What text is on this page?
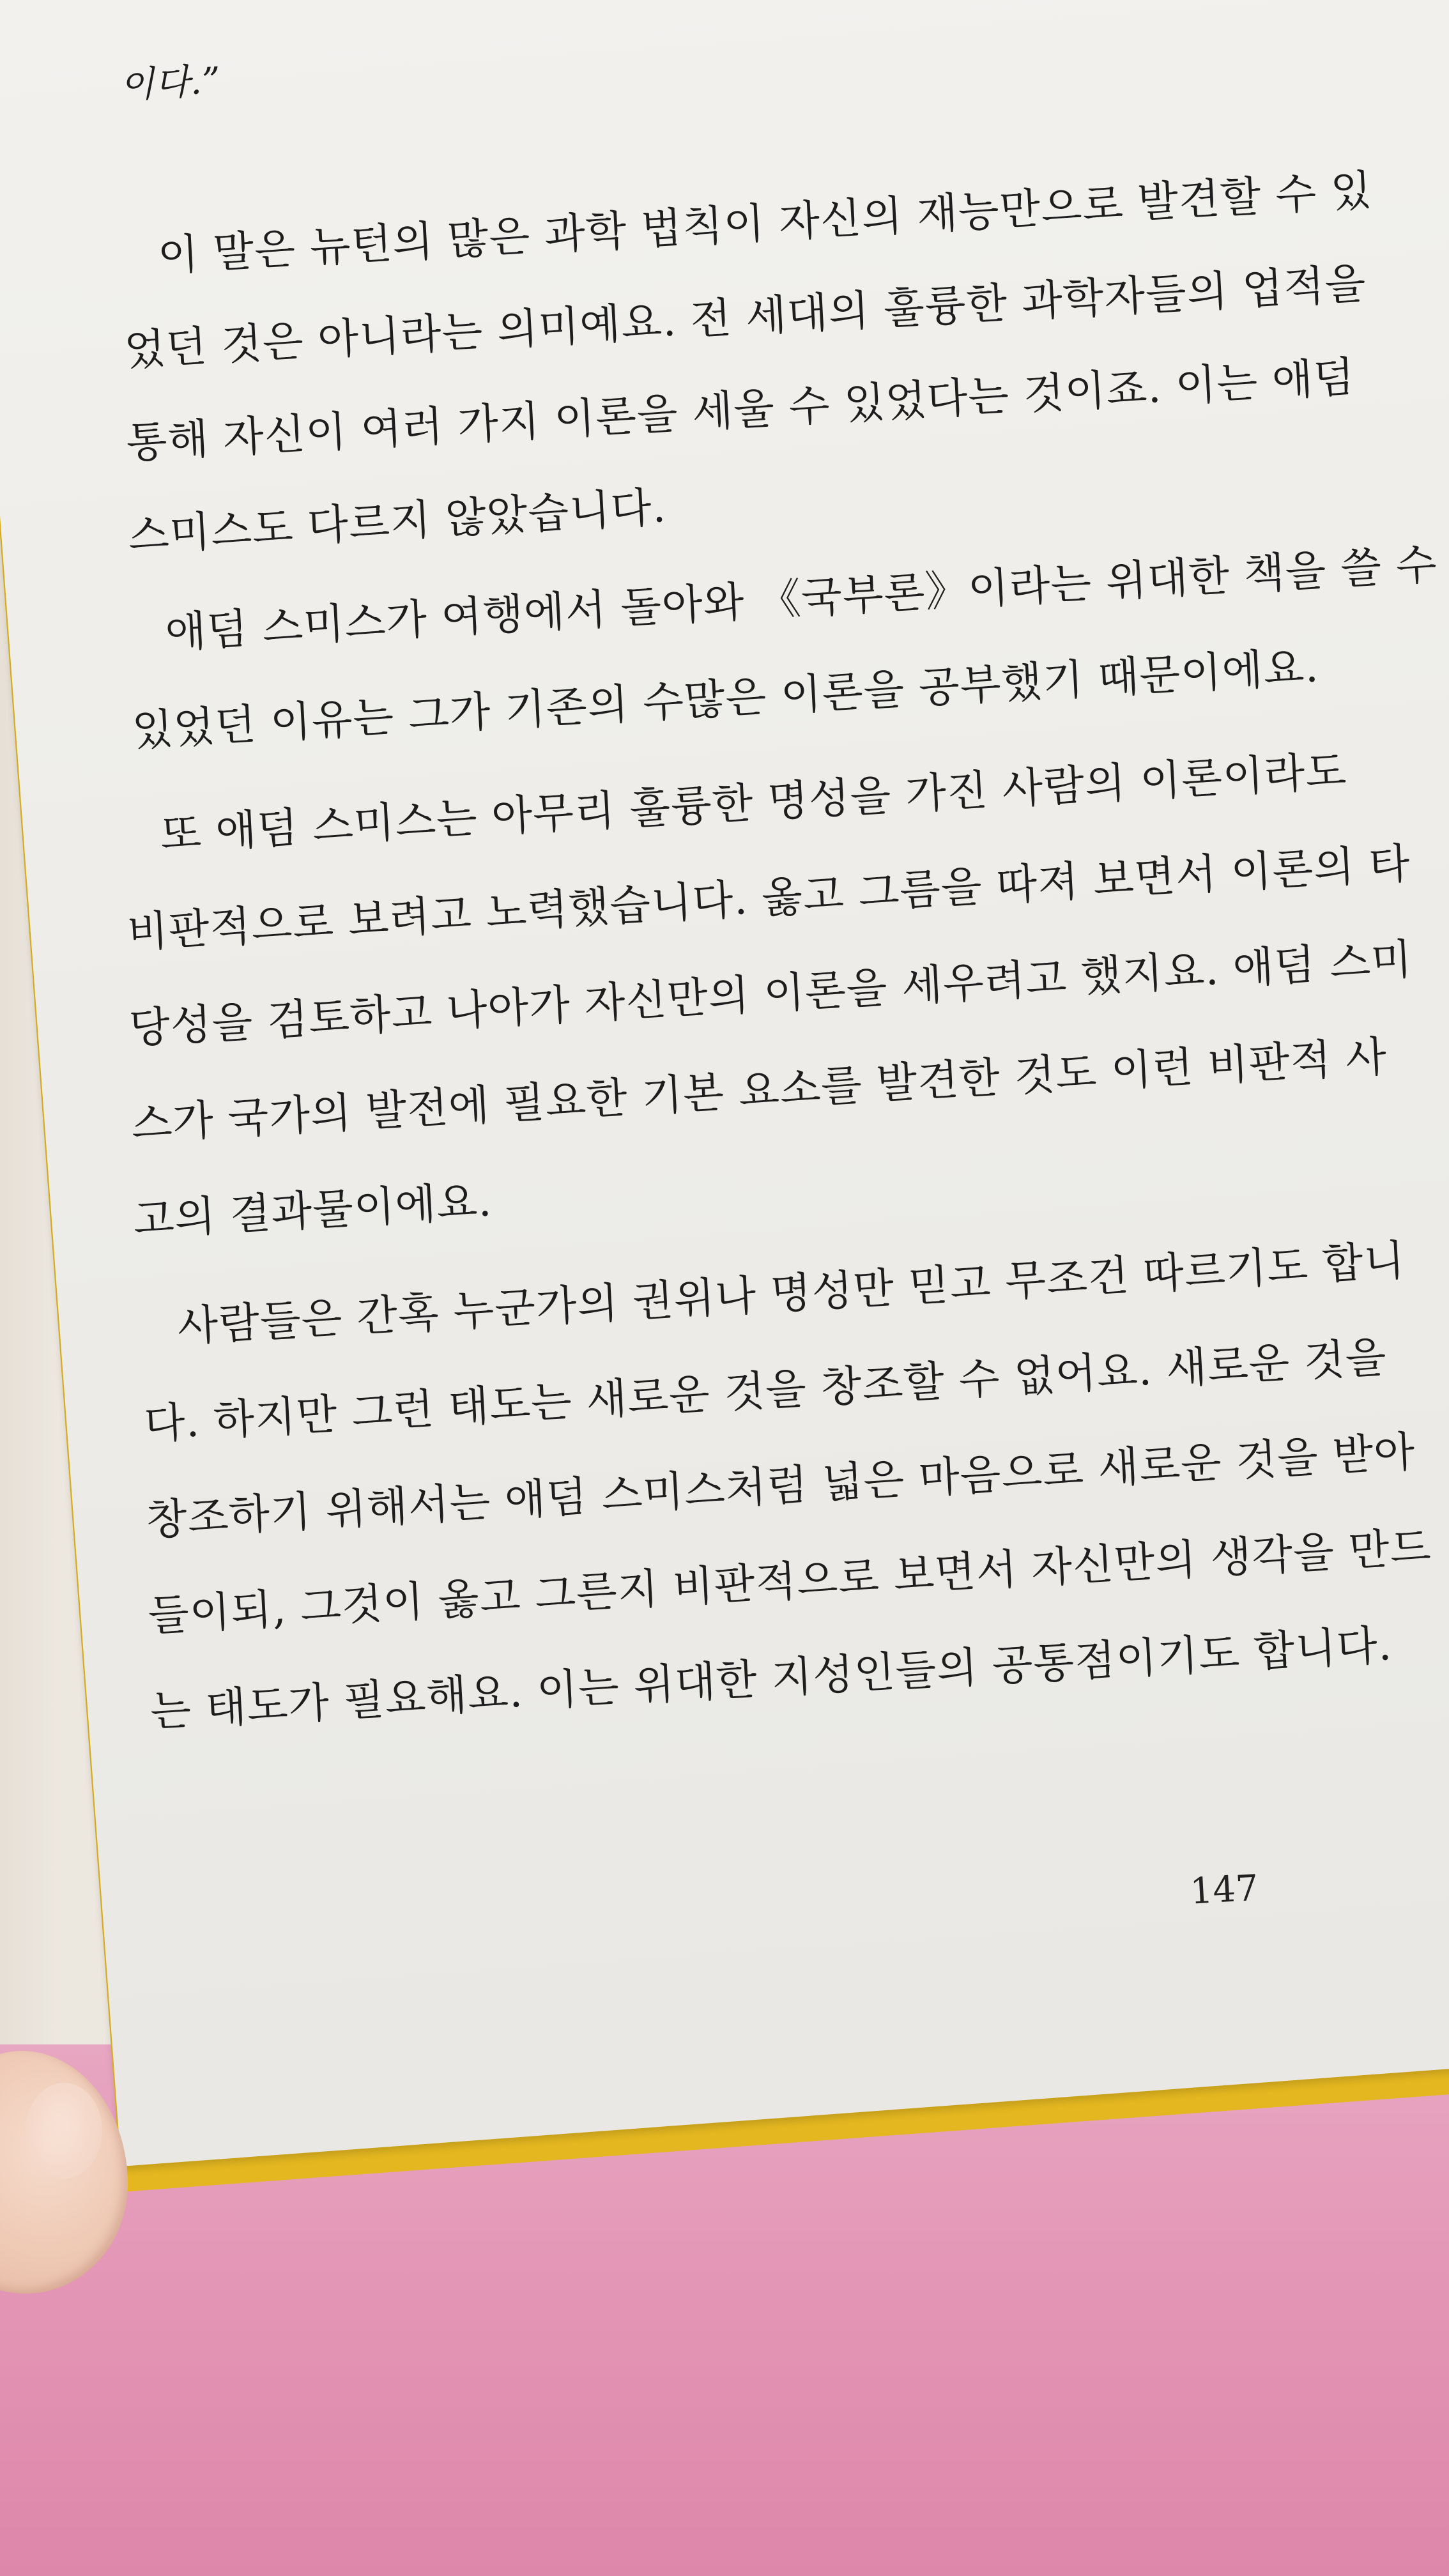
이다.”
이 말은 뉴턴의 많은 과학 법칙이 자신의 재능만으로 발견할 수 있
었던 것은 아니라는 의미예요. 전 세대의 훌륭한 과학자들의 업적을
통해 자신이 여러 가지 이론을 세울 수 있었다는 것이죠. 이는 애덤
스미스도 다르지 않았습니다.
애덤 스미스가 여행에서 돌아와 《국부론》이라는 위대한 책을 쓸 수
있었던 이유는 그가 기존의 수많은 이론을 공부했기 때문이에요.
또 애덤 스미스는 아무리 훌륭한 명성을 가진 사람의 이론이라도
비판적으로 보려고 노력했습니다. 옳고 그름을 따져 보면서 이론의 타
당성을 검토하고 나아가 자신만의 이론을 세우려고 했지요. 애덤 스미
스가 국가의 발전에 필요한 기본 요소를 발견한 것도 이런 비판적 사
고의 결과물이에요.
사람들은 간혹 누군가의 권위나 명성만 믿고 무조건 따르기도 합니
다. 하지만 그런 태도는 새로운 것을 창조할 수 없어요. 새로운 것을
창조하기 위해서는 애덤 스미스처럼 넓은 마음으로 새로운 것을 받아
들이되, 그것이 옳고 그른지 비판적으로 보면서 자신만의 생각을 만드
는 태도가 필요해요. 이는 위대한 지성인들의 공통점이기도 합니다.
147
